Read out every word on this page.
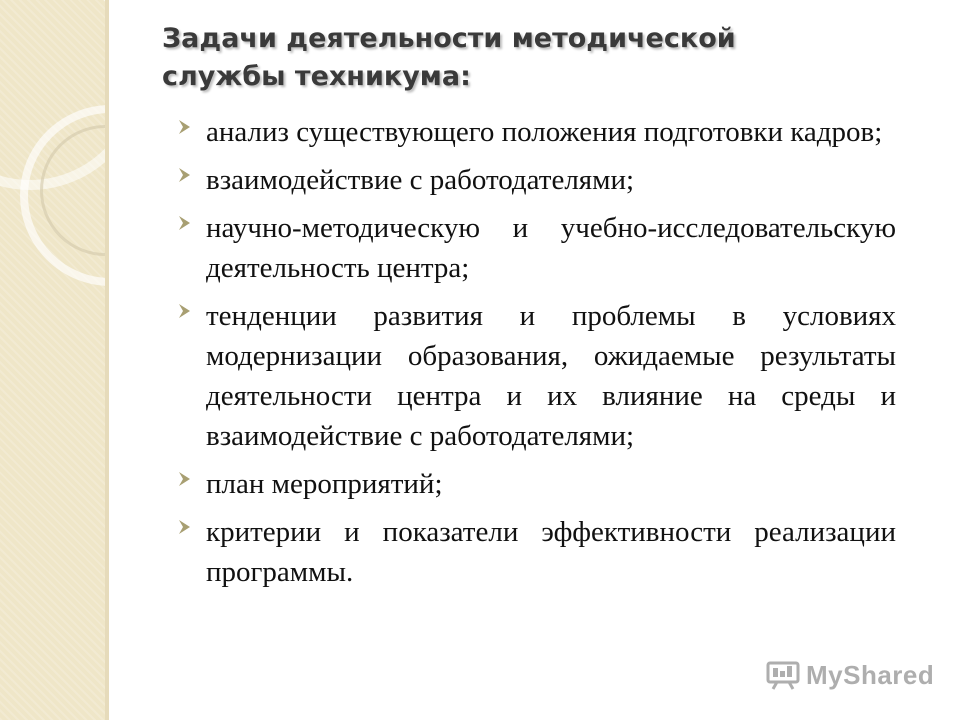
Задачи деятельности методической службы техникума:
анализ существующего положения подготовки кадров;
взаимодействие с работодателями;
научно-методическую и учебно-исследовательскую деятельность центра;
тенденции развития и проблемы в условиях модернизации образования, ожидаемые результаты деятельности центра и их влияние на среды и взаимодействие с работодателями;
план мероприятий;
критерии и показатели эффективности реализации программы.
MyShared
